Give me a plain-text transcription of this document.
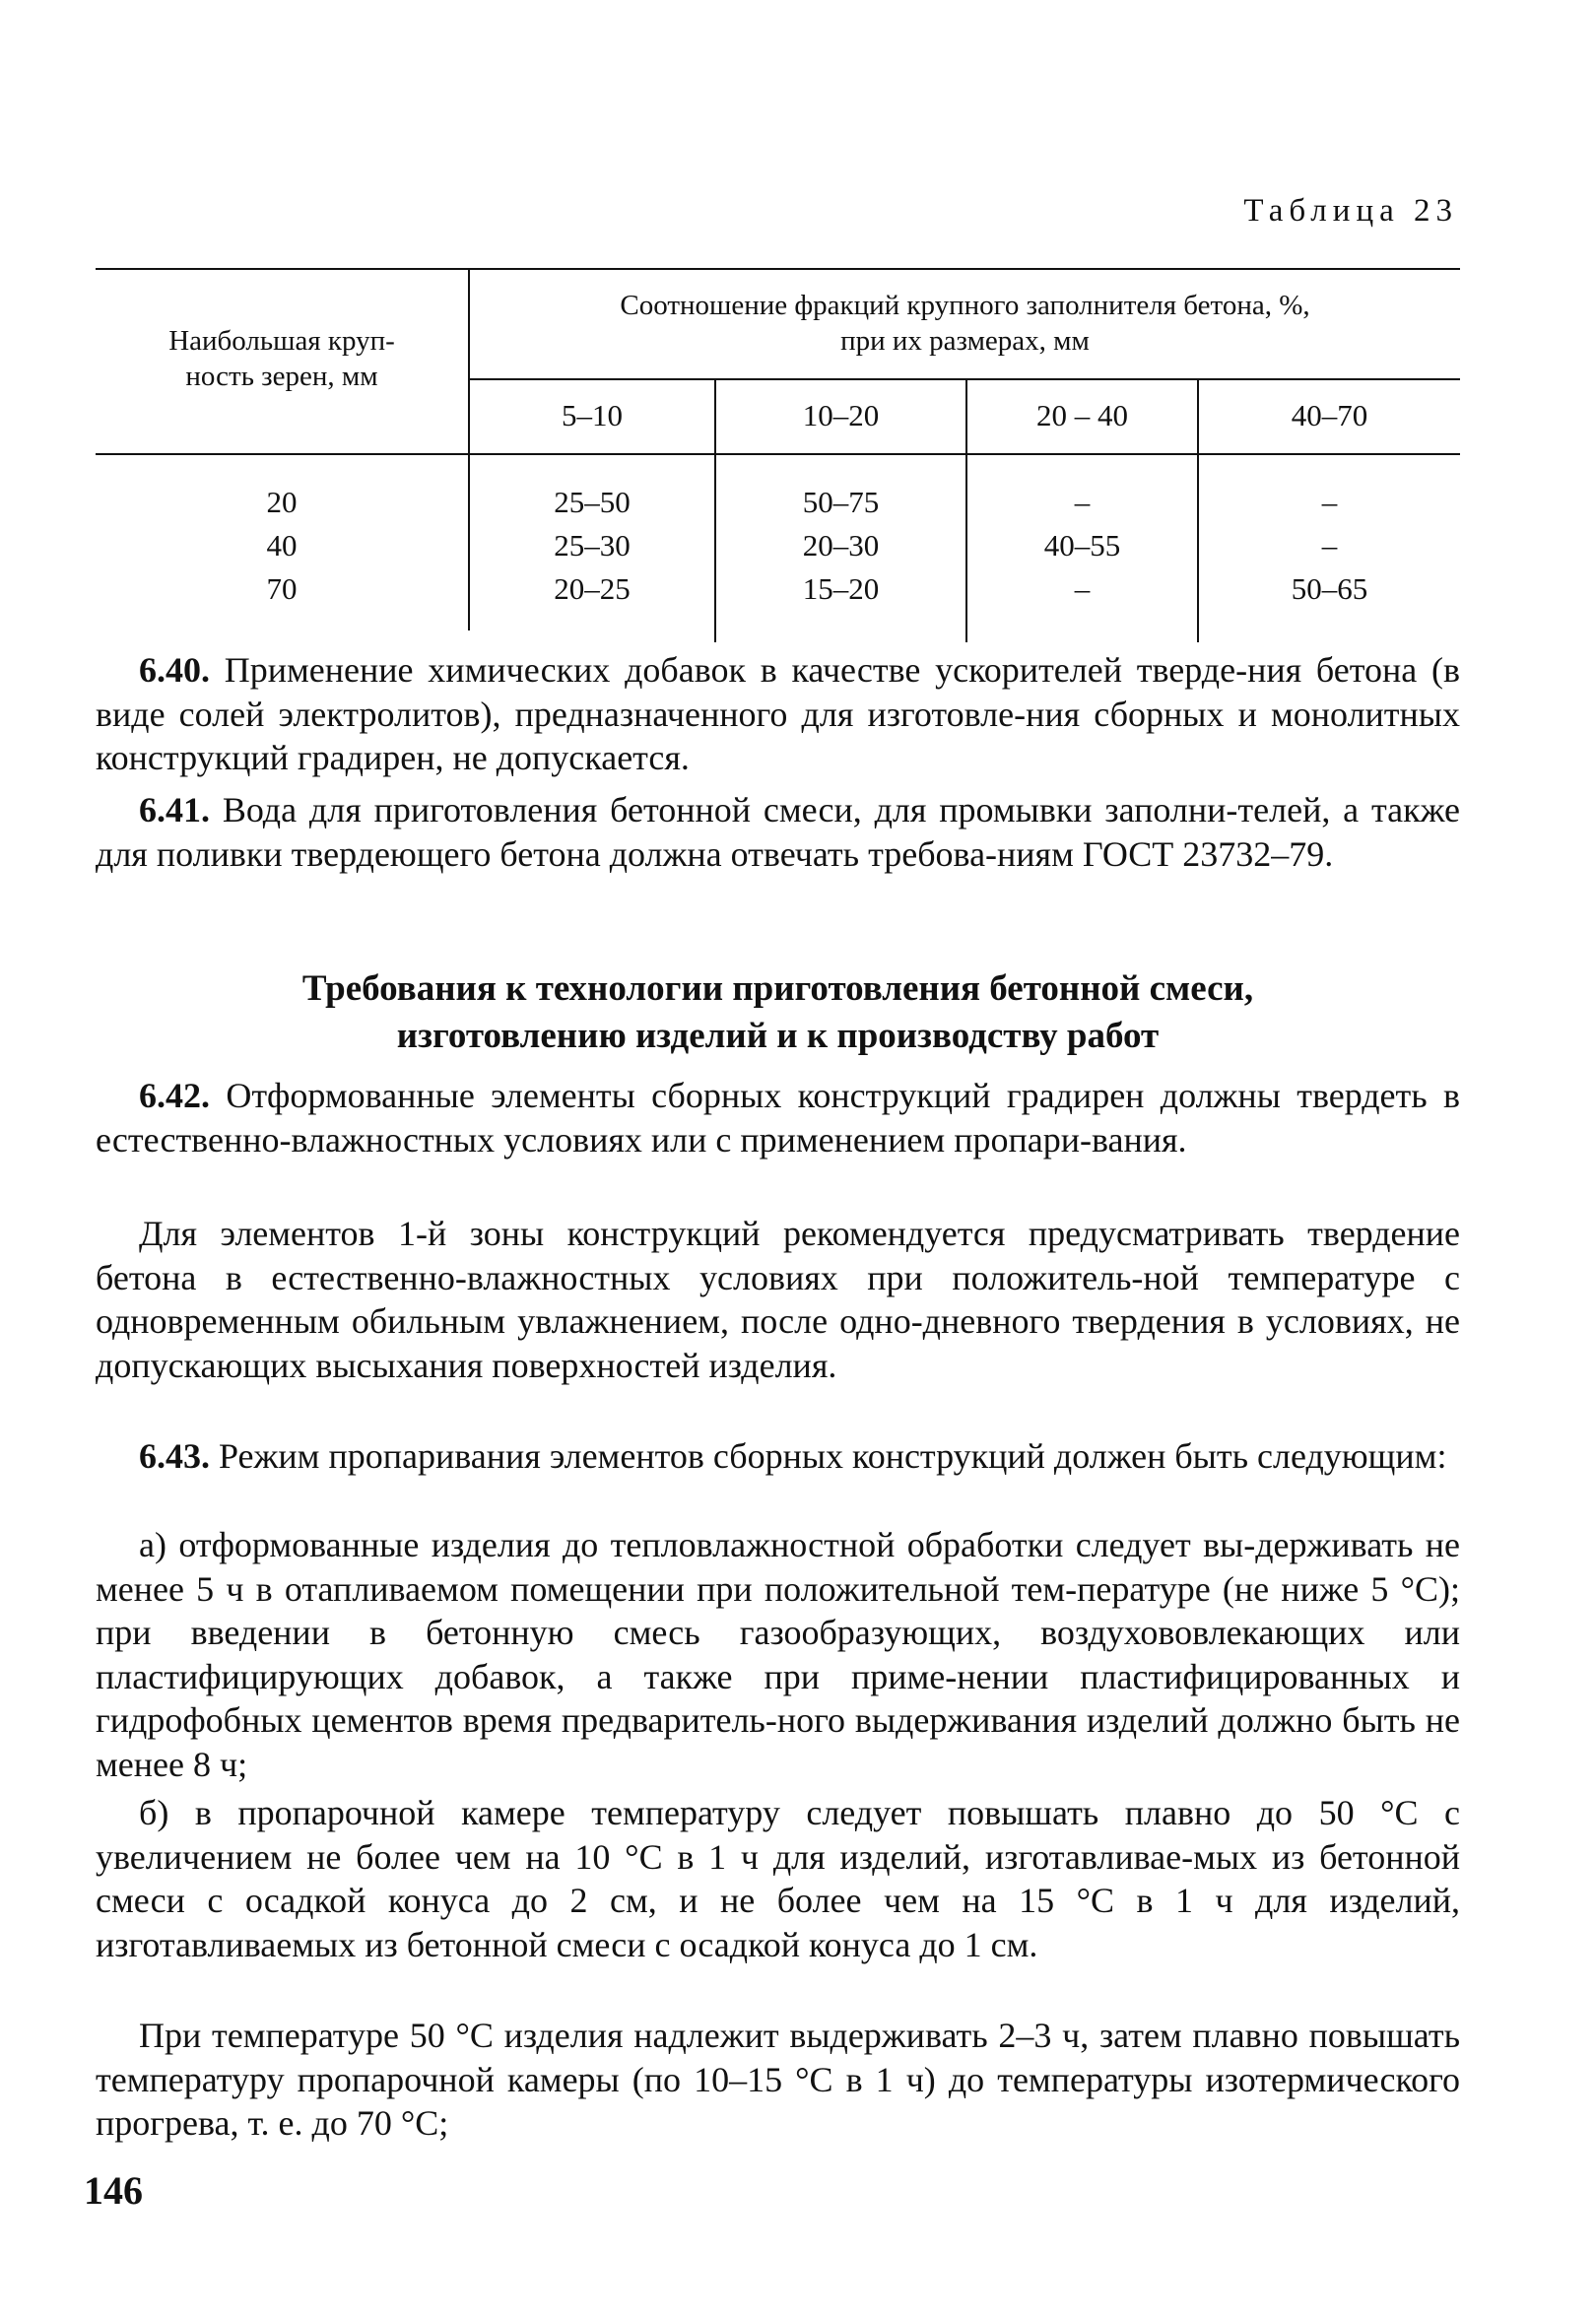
Таблица 23
Наибольшая круп-
ность зерен, мм
Соотношение фракций крупного заполнителя бетона, %,
при их размерах, мм
5–10	10–20	20 – 40	40–70
20	25–50	50–75	–	–
40	25–30	20–30	40–55	–
70	20–25	15–20	–	50–65
6.40. Применение химических добавок в качестве ускорителей тверде-ния бетона (в виде солей электролитов), предназначенного для изготовле-ния сборных и монолитных конструкций градирен, не допускается.
6.41. Вода для приготовления бетонной смеси, для промывки заполни-телей, а также для поливки твердеющего бетона должна отвечать требова-ниям ГОСТ 23732–79.
Требования к технологии приготовления бетонной смеси,
изготовлению изделий и к производству работ
6.42. Отформованные элементы сборных конструкций градирен должны твердеть в естественно-влажностных условиях или с применением пропари-вания.
Для элементов 1-й зоны конструкций рекомендуется предусматривать твердение бетона в естественно-влажностных условиях при положитель-ной температуре с одновременным обильным увлажнением, после одно-дневного твердения в условиях, не допускающих высыхания поверхностей изделия.
6.43. Режим пропаривания элементов сборных конструкций должен быть следующим:
а) отформованные изделия до тепловлажностной обработки следует вы-держивать не менее 5 ч в отапливаемом помещении при положительной тем-пературе (не ниже 5 °С); при введении в бетонную смесь газообразующих, воздухововлекающих или пластифицирующих добавок, а также при приме-нении пластифицированных и гидрофобных цементов время предваритель-ного выдерживания изделий должно быть не менее 8 ч;
б) в пропарочной камере температуру следует повышать плавно до 50 °С с увеличением не более чем на 10 °С в 1 ч для изделий, изготавливае-мых из бетонной смеси с осадкой конуса до 2 см, и не более чем на 15 °С в 1 ч для изделий, изготавливаемых из бетонной смеси с осадкой конуса до 1 см.
При температуре 50 °С изделия надлежит выдерживать 2–3 ч, затем плавно повышать температуру пропарочной камеры (по 10–15 °С в 1 ч) до температуры изотермического прогрева, т. е. до 70 °С;
146
